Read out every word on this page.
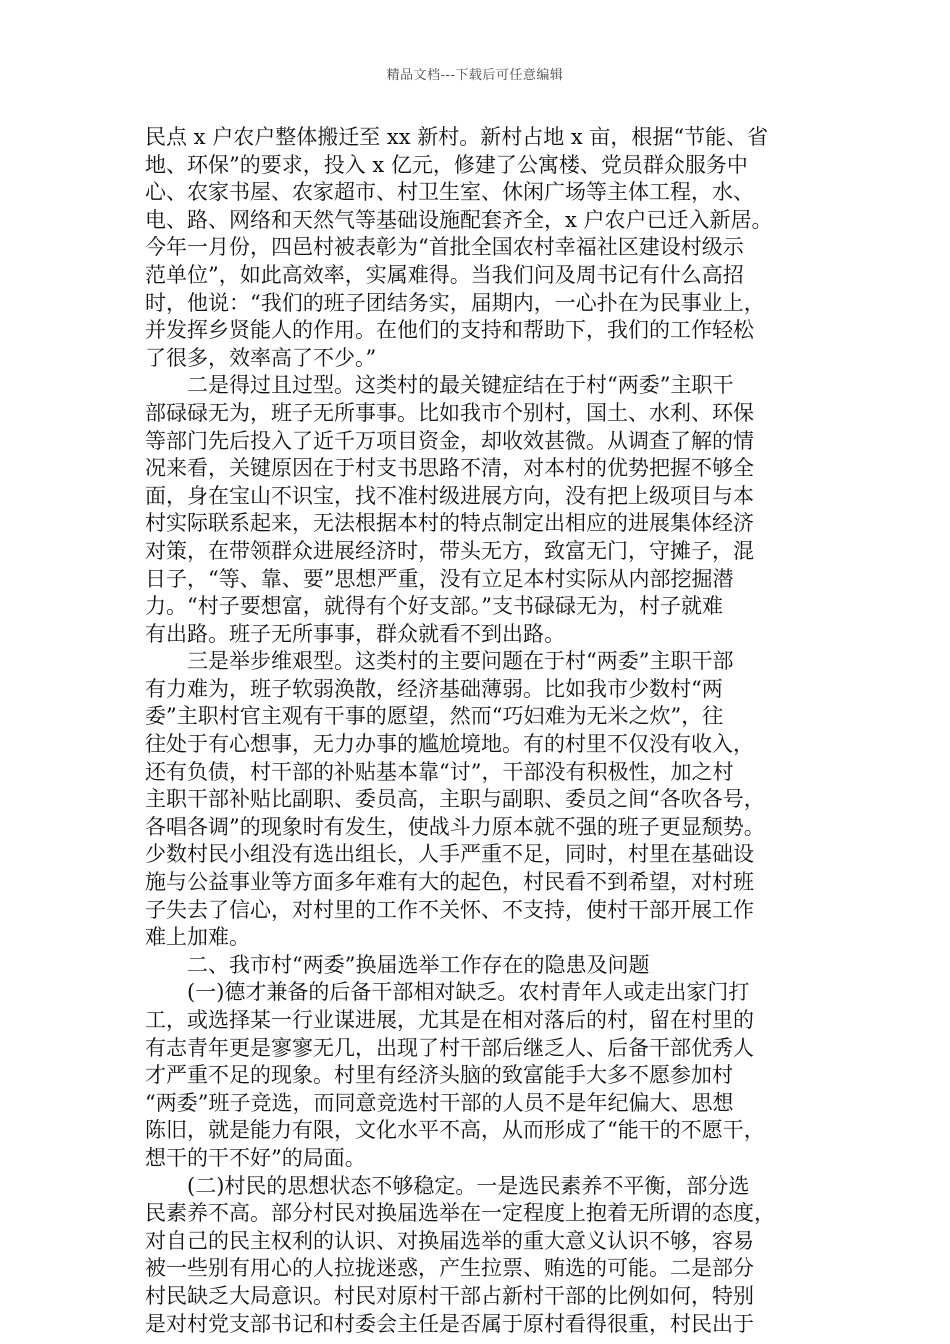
精品文档---下载后可任意编辑
民点 x 户农户整体搬迁至 xx 新村。新村占地 x 亩，根据“节能、省
地、环保”的要求，投入 x 亿元，修建了公寓楼、党员群众服务中
心、农家书屋、农家超市、村卫生室、休闲广场等主体工程，水、
电、路、网络和天然气等基础设施配套齐全，x 户农户已迁入新居。
今年一月份，四邑村被表彰为“首批全国农村幸福社区建设村级示
范单位”，如此高效率，实属难得。当我们问及周书记有什么高招
时，他说：“我们的班子团结务实，届期内，一心扑在为民事业上，
并发挥乡贤能人的作用。在他们的支持和帮助下，我们的工作轻松
了很多，效率高了不少。”
二是得过且过型。这类村的最关键症结在于村“两委”主职干
部碌碌无为，班子无所事事。比如我市个别村，国土、水利、环保
等部门先后投入了近千万项目资金，却收效甚微。从调查了解的情
况来看，关键原因在于村支书思路不清，对本村的优势把握不够全
面，身在宝山不识宝，找不准村级进展方向，没有把上级项目与本
村实际联系起来，无法根据本村的特点制定出相应的进展集体经济
对策，在带领群众进展经济时，带头无方，致富无门，守摊子，混
日子，“等、靠、要”思想严重，没有立足本村实际从内部挖掘潜
力。“村子要想富，就得有个好支部。”支书碌碌无为，村子就难
有出路。班子无所事事，群众就看不到出路。
三是举步维艰型。这类村的主要问题在于村“两委”主职干部
有力难为，班子软弱涣散，经济基础薄弱。比如我市少数村“两
委”主职村官主观有干事的愿望，然而“巧妇难为无米之炊”，往
往处于有心想事，无力办事的尴尬境地。有的村里不仅没有收入，
还有负债，村干部的补贴基本靠“讨”，干部没有积极性，加之村
主职干部补贴比副职、委员高，主职与副职、委员之间“各吹各号，
各唱各调”的现象时有发生，使战斗力原本就不强的班子更显颓势。
少数村民小组没有选出组长，人手严重不足，同时，村里在基础设
施与公益事业等方面多年难有大的起色，村民看不到希望，对村班
子失去了信心，对村里的工作不关怀、不支持，使村干部开展工作
难上加难。
二、我市村“两委”换届选举工作存在的隐患及问题
(一)德才兼备的后备干部相对缺乏。农村青年人或走出家门打
工，或选择某一行业谋进展，尤其是在相对落后的村，留在村里的
有志青年更是寥寥无几，出现了村干部后继乏人、后备干部优秀人
才严重不足的现象。村里有经济头脑的致富能手大多不愿参加村
“两委”班子竞选，而同意竞选村干部的人员不是年纪偏大、思想
陈旧，就是能力有限，文化水平不高，从而形成了“能干的不愿干，
想干的干不好”的局面。
(二)村民的思想状态不够稳定。一是选民素养不平衡，部分选
民素养不高。部分村民对换届选举在一定程度上抱着无所谓的态度，
对自己的民主权利的认识、对换届选举的重大意义认识不够，容易
被一些别有用心的人拉拢迷惑，产生拉票、贿选的可能。二是部分
村民缺乏大局意识。村民对原村干部占新村干部的比例如何，特别
是对村党支部书记和村委会主任是否属于原村看得很重，村民出于
